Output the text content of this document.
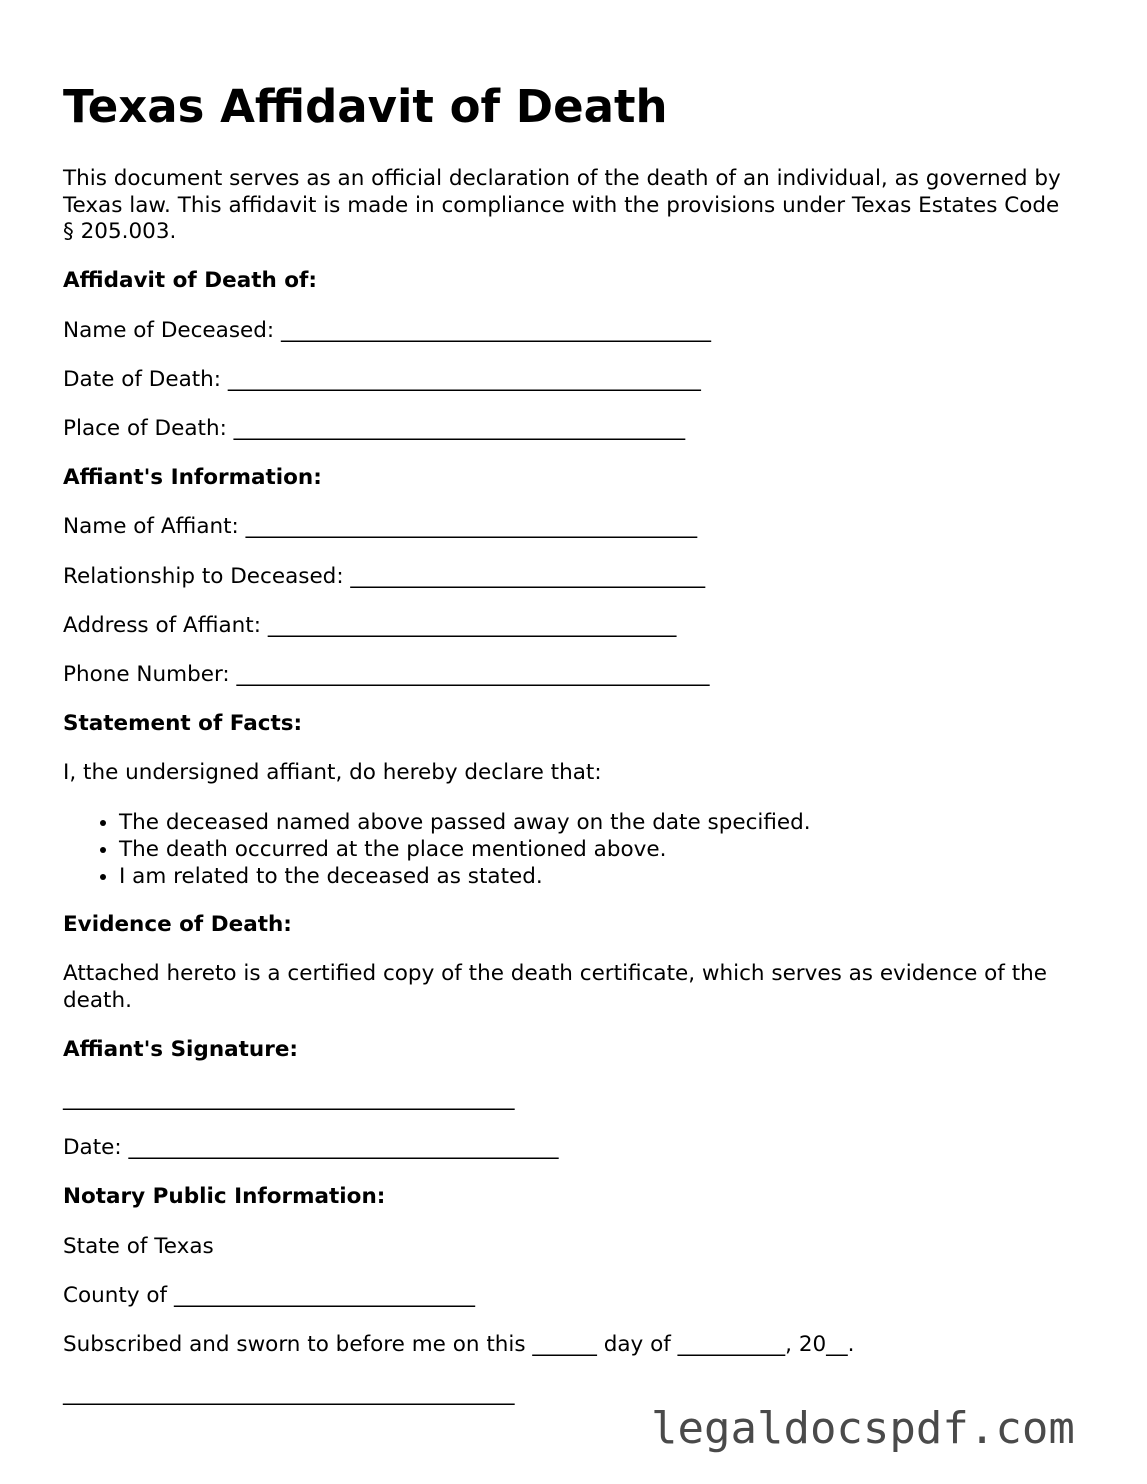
Texas Affidavit of Death

This document serves as an official declaration of the death of an individual, as governed by Texas law. This affidavit is made in compliance with the provisions under Texas Estates Code § 205.003.

Affidavit of Death of:
Name of Deceased: ________________________________________
Date of Death: ____________________________________________
Place of Death: __________________________________________
Affiant's Information:
Name of Affiant: __________________________________________
Relationship to Deceased: _________________________________
Address of Affiant: ______________________________________
Phone Number: ____________________________________________
Statement of Facts:
I, the undersigned affiant, do hereby declare that:
• The deceased named above passed away on the date specified.
• The death occurred at the place mentioned above.
• I am related to the deceased as stated.
Evidence of Death:

Attached hereto is a certified copy of the death certificate, which serves as evidence of the death.

Affiant's Signature:
__________________________________________
Date: ________________________________________
Notary Public Information:
State of Texas
County of ____________________________
Subscribed and sworn to before me on this ______ day of __________, 20__.
__________________________________________
legaldocspdf.com
